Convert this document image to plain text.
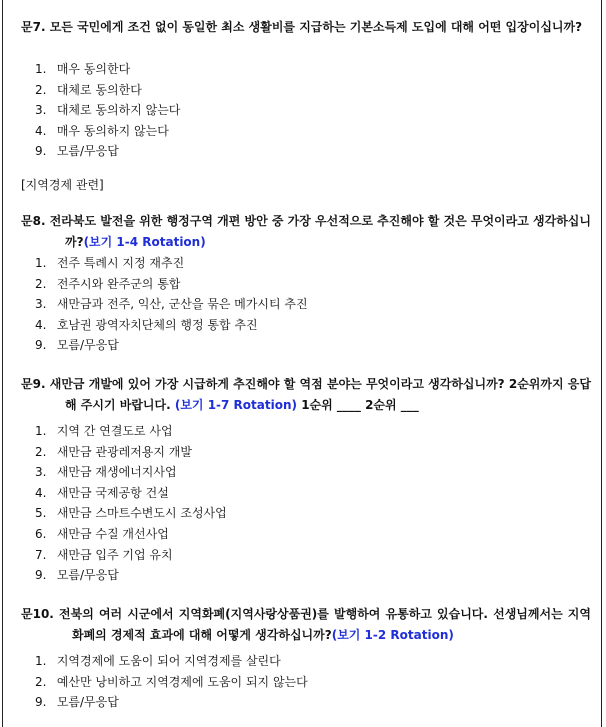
문7. 모든 국민에게 조건 없이 동일한 최소 생활비를 지급하는 기본소득제 도입에 대해 어떤 입장이십니까?
1. 매우 동의한다
2. 대체로 동의한다
3. 대체로 동의하지 않는다
4. 매우 동의하지 않는다
9. 모름/무응답
[지역경제 관련]
문8. 전라북도 발전을 위한 행정구역 개편 방안 중 가장 우선적으로 추진해야 할 것은 무엇이라고 생각하십니까?(보기 1-4 Rotation)
1. 전주 특례시 지정 재추진
2. 전주시와 완주군의 통합
3. 새만금과 전주, 익산, 군산을 묶은 메가시티 추진
4. 호남권 광역자치단체의 행정 통합 추진
9. 모름/무응답
문9. 새만금 개발에 있어 가장 시급하게 추진해야 할 역점 분야는 무엇이라고 생각하십니까? 2순위까지 응답해 주시기 바랍니다. (보기 1-7 Rotation) 1순위 ____ 2순위 ___
1. 지역 간 연결도로 사업
2. 새만금 관광레저용지 개발
3. 새만금 재생에너지사업
4. 새만금 국제공항 건설
5. 새만금 스마트수변도시 조성사업
6. 새만금 수질 개선사업
7. 새만금 입주 기업 유치
9. 모름/무응답
문10. 전북의 여러 시군에서 지역화폐(지역사랑상품권)를 발행하여 유통하고 있습니다. 선생님께서는 지역화폐의 경제적 효과에 대해 어떻게 생각하십니까?(보기 1-2 Rotation)
1. 지역경제에 도움이 되어 지역경제를 살린다
2. 예산만 낭비하고 지역경제에 도움이 되지 않는다
9. 모름/무응답
